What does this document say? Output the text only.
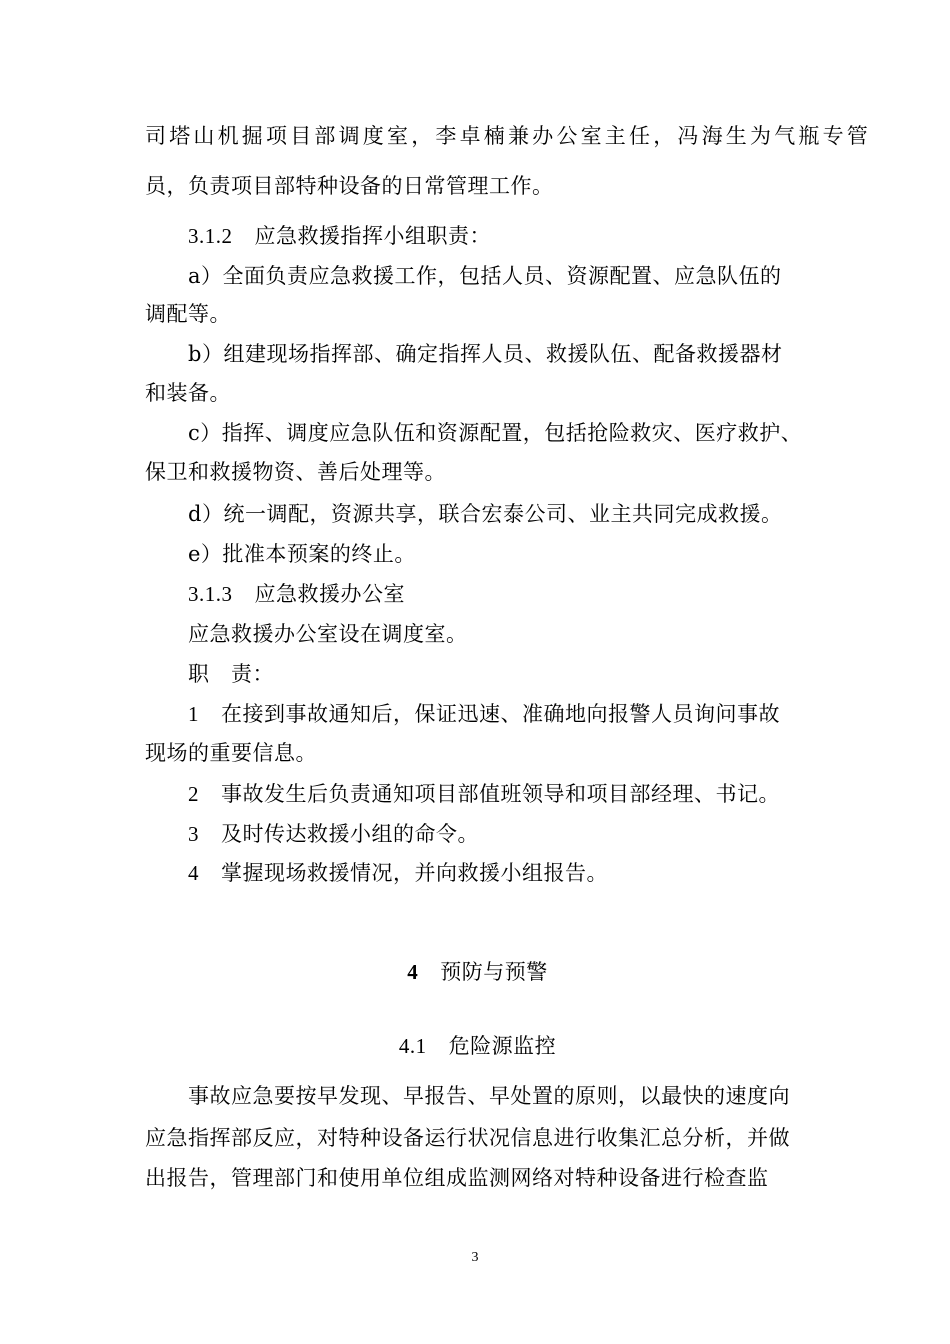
司塔山机掘项目部调度室，李卓楠兼办公室主任，冯海生为气瓶专管
员，负责项目部特种设备的日常管理工作。
3.1.2 应急救援指挥小组职责：
a）全面负责应急救援工作，包括人员、资源配置、应急队伍的
调配等。
b）组建现场指挥部、确定指挥人员、救援队伍、配备救援器材
和装备。
c）指挥、调度应急队伍和资源配置，包括抢险救灾、医疗救护、
保卫和救援物资、善后处理等。
d）统一调配，资源共享，联合宏泰公司、业主共同完成救援。
e）批准本预案的终止。
3.1.3 应急救援办公室
应急救援办公室设在调度室。
职　责：
1 在接到事故通知后，保证迅速、准确地向报警人员询问事故
现场的重要信息。
2 事故发生后负责通知项目部值班领导和项目部经理、书记。
3 及时传达救援小组的命令。
4 掌握现场救援情况，并向救援小组报告。
4 预防与预警
4.1 危险源监控
事故应急要按早发现、早报告、早处置的原则，以最快的速度向
应急指挥部反应，对特种设备运行状况信息进行收集汇总分析，并做
出报告，管理部门和使用单位组成监测网络对特种设备进行检查监
3
